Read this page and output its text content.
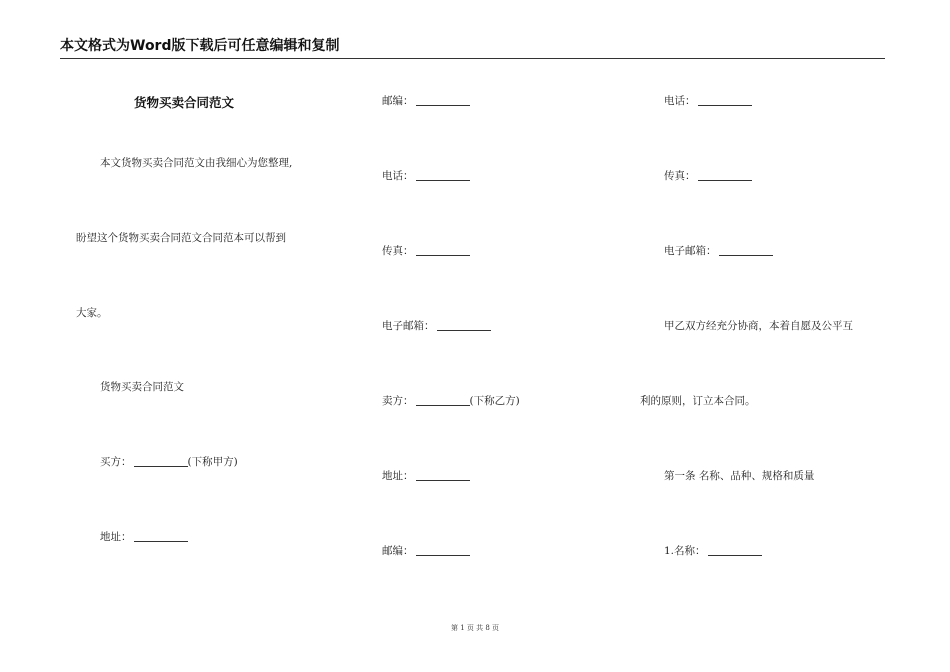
本文格式为Word版下载后可任意编辑和复制
货物买卖合同范文
本文货物买卖合同范文由我细心为您整理,
盼望这个货物买卖合同范文合同范本可以帮到
大家。
货物买卖合同范文
买方：	(下称甲方)
地址：
邮编：
电话：
传真：
电子邮箱：
卖方：	(下称乙方)
地址：
邮编：
电话：
传真：
电子邮箱：
甲乙双方经充分协商，本着自愿及公平互
利的原则，订立本合同。
第一条 名称、品种、规格和质量
1.名称：
第 1 页 共 8 页
